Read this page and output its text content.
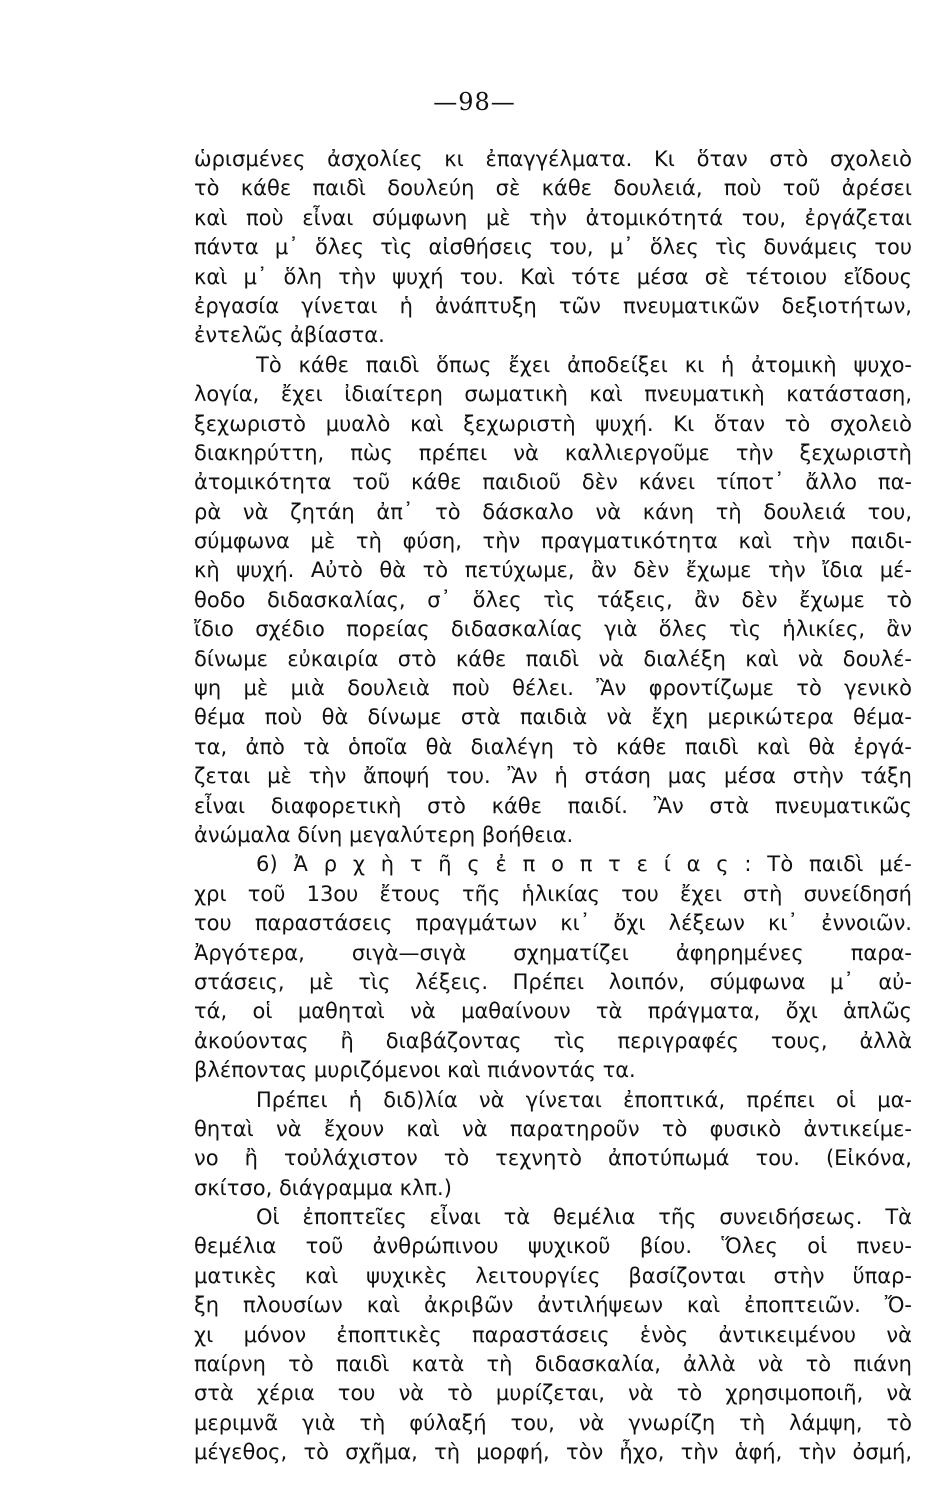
—98—
ὡρισμένες ἀσχολίες κι ἐπαγγέλματα. Κι ὅταν στὸ σχολειὸ
τὸ κάθε παιδὶ δουλεύη σὲ κάθε δουλειά, ποὺ τοῦ ἀρέσει
καὶ ποὺ εἶναι σύμφωνη μὲ τὴν ἀτομικότητά του, ἐργάζεται
πάντα μ᾿ ὅλες τὶς αἰσθήσεις του, μ᾿ ὅλες τὶς δυνάμεις του
καὶ μ᾿ ὅλη τὴν ψυχή του. Καὶ τότε μέσα σὲ τέτοιου εἴδους
ἐργασία γίνεται ἡ ἀνάπτυξη τῶν πνευματικῶν δεξιοτήτων,
ἐντελῶς ἀβίαστα.
Τὸ κάθε παιδὶ ὅπως ἔχει ἀποδείξει κι ἡ ἀτομικὴ ψυχο-
λογία, ἔχει ἰδιαίτερη σωματικὴ καὶ πνευματικὴ κατάσταση,
ξεχωριστὸ μυαλὸ καὶ ξεχωριστὴ ψυχή. Κι ὅταν τὸ σχολειὸ
διακηρύττη, πὼς πρέπει νὰ καλλιεργοῦμε τὴν ξεχωριστὴ
ἀτομικότητα τοῦ κάθε παιδιοῦ δὲν κάνει τίποτ᾿ ἄλλο πα-
ρὰ νὰ ζητάη ἀπ᾿ τὸ δάσκαλο νὰ κάνη τὴ δουλειά του,
σύμφωνα μὲ τὴ φύση, τὴν πραγματικότητα καὶ τὴν παιδι-
κὴ ψυχή. Αὐτὸ θὰ τὸ πετύχωμε, ἂν δὲν ἔχωμε τὴν ἴδια μέ-
θοδο διδασκαλίας, σ᾿ ὅλες τὶς τάξεις, ἂν δὲν ἔχωμε τὸ
ἴδιο σχέδιο πορείας διδασκαλίας γιὰ ὅλες τὶς ἡλικίες, ἂν
δίνωμε εὐκαιρία στὸ κάθε παιδὶ νὰ διαλέξη καὶ νὰ δουλέ-
ψη μὲ μιὰ δουλειὰ ποὺ θέλει. Ἂν φροντίζωμε τὸ γενικὸ
θέμα ποὺ θὰ δίνωμε στὰ παιδιὰ νὰ ἔχη μερικώτερα θέμα-
τα, ἀπὸ τὰ ὁποῖα θὰ διαλέγη τὸ κάθε παιδὶ καὶ θὰ ἐργά-
ζεται μὲ τὴν ἄποψή του. Ἂν ἡ στάση μας μέσα στὴν τάξη
εἶναι διαφορετικὴ στὸ κάθε παιδί. Ἂν στὰ πνευματικῶς
ἀνώμαλα δίνη μεγαλύτερη βοήθεια.
6) Ἀ ρ χ ὴ τ ῆ ς ἐ π ο π τ ε ί α ς : Τὸ παιδὶ μέ-
χρι τοῦ 13ου ἔτους τῆς ἡλικίας του ἔχει στὴ συνείδησή
του παραστάσεις πραγμάτων κι᾿ ὄχι λέξεων κι᾿ ἐννοιῶν.
Ἀργότερα, σιγὰ—σιγὰ σχηματίζει ἀφηρημένες παρα-
στάσεις, μὲ τὶς λέξεις. Πρέπει λοιπόν, σύμφωνα μ᾿ αὐ-
τά, οἱ μαθηταὶ νὰ μαθαίνουν τὰ πράγματα, ὄχι ἁπλῶς
ἀκούοντας ἢ διαβάζοντας τὶς περιγραφές τους, ἀλλὰ
βλέποντας μυριζόμενοι καὶ πιάνοντάς τα.
Πρέπει ἡ διδ)λία νὰ γίνεται ἐποπτικά, πρέπει οἱ μα-
θηταὶ νὰ ἔχουν καὶ νὰ παρατηροῦν τὸ φυσικὸ ἀντικείμε-
νο ἢ τοὐλάχιστον τὸ τεχνητὸ ἀποτύπωμά του. (Εἰκόνα,
σκίτσο, διάγραμμα κλπ.)
Οἱ ἐποπτεῖες εἶναι τὰ θεμέλια τῆς συνειδήσεως. Τὰ
θεμέλια τοῦ ἀνθρώπινου ψυχικοῦ βίου. Ὅλες οἱ πνευ-
ματικὲς καὶ ψυχικὲς λειτουργίες βασίζονται στὴν ὕπαρ-
ξη πλουσίων καὶ ἀκριβῶν ἀντιλήψεων καὶ ἐποπτειῶν. Ὄ-
χι μόνον ἐποπτικὲς παραστάσεις ἑνὸς ἀντικειμένου νὰ
παίρνη τὸ παιδὶ κατὰ τὴ διδασκαλία, ἀλλὰ νὰ τὸ πιάνη
στὰ χέρια του νὰ τὸ μυρίζεται, νὰ τὸ χρησιμοποιῆ, νὰ
μεριμνᾶ γιὰ τὴ φύλαξή του, νὰ γνωρίζη τὴ λάμψη, τὸ
μέγεθος, τὸ σχῆμα, τὴ μορφή, τὸν ἦχο, τὴν ἁφή, τὴν ὀσμή,
